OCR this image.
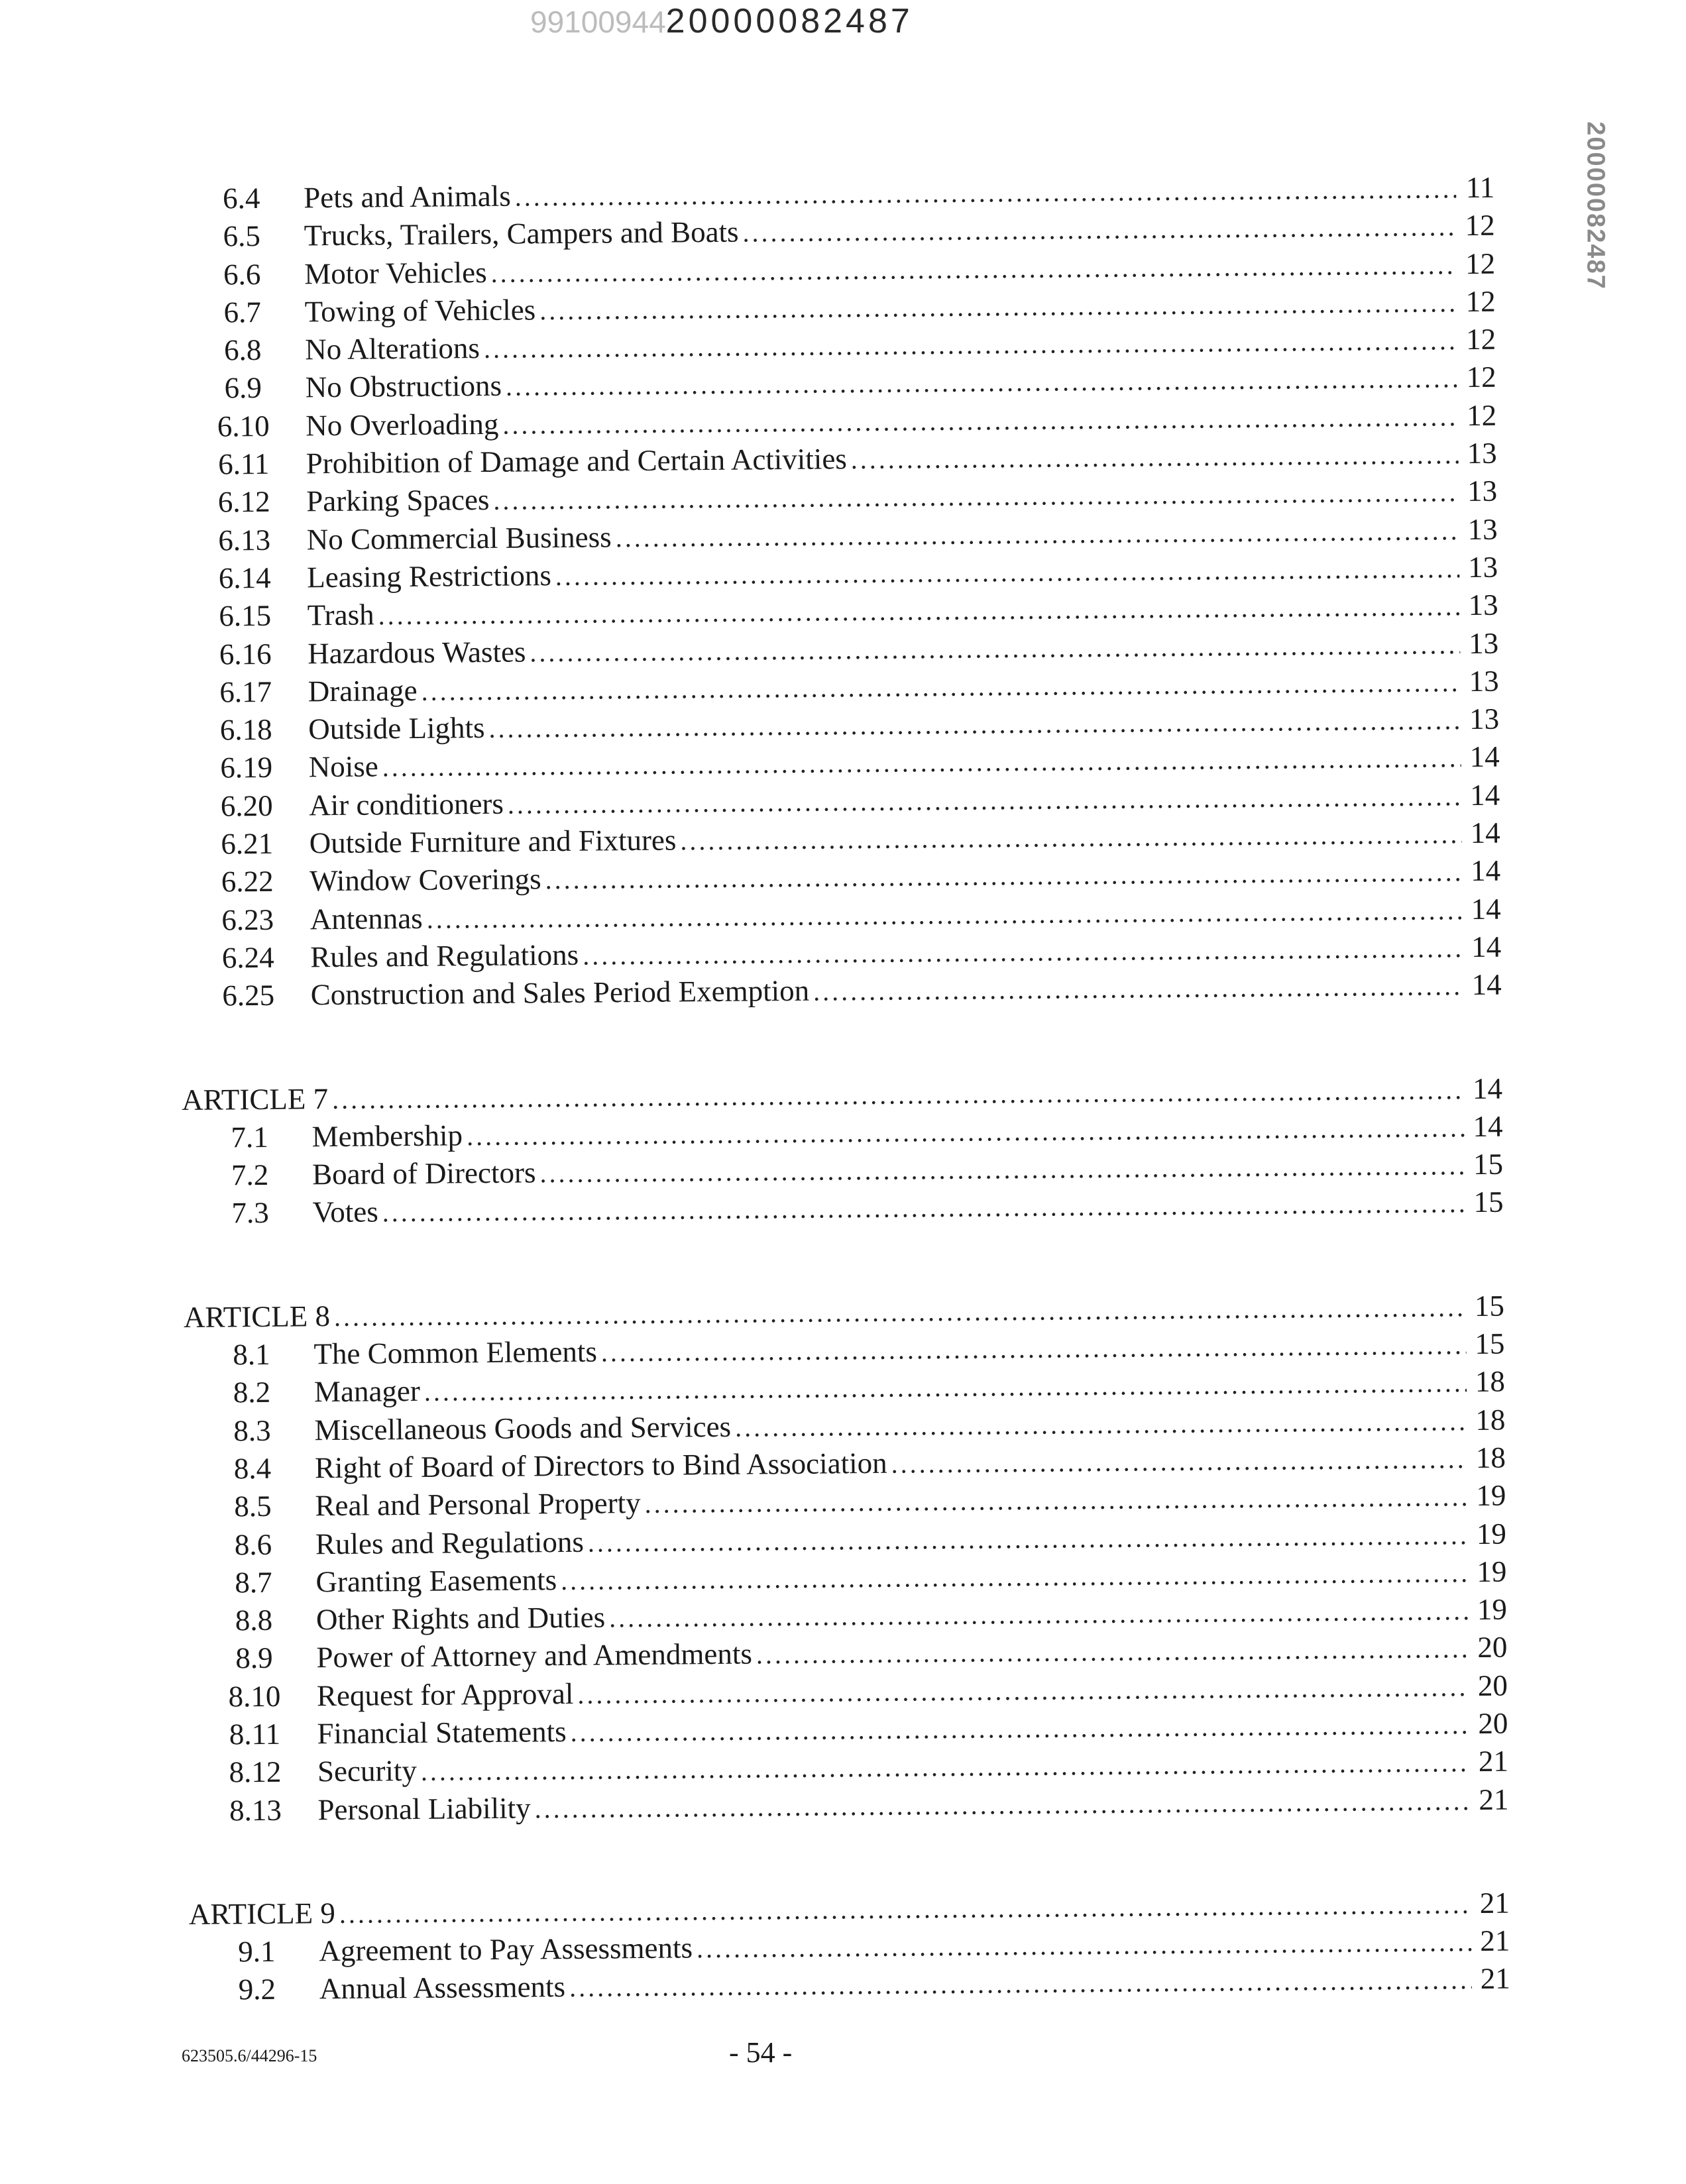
9910094420000082487
20000082487
6.4	Pets and Animals .....	11
6.5	Trucks, Trailers, Campers and Boats .....	12
6.6	Motor Vehicles .....	12
6.7	Towing of Vehicles .....	12
6.8	No Alterations .....	12
6.9	No Obstructions .....	12
6.10	No Overloading .....	12
6.11	Prohibition of Damage and Certain Activities .....	13
6.12	Parking Spaces .....	13
6.13	No Commercial Business .....	13
6.14	Leasing Restrictions .....	13
6.15	Trash .....	13
6.16	Hazardous Wastes .....	13
6.17	Drainage .....	13
6.18	Outside Lights .....	13
6.19	Noise .....	14
6.20	Air conditioners .....	14
6.21	Outside Furniture and Fixtures .....	14
6.22	Window Coverings .....	14
6.23	Antennas .....	14
6.24	Rules and Regulations .....	14
6.25	Construction and Sales Period Exemption .....	14
ARTICLE 7 .....	14
7.1	Membership .....	14
7.2	Board of Directors .....	15
7.3	Votes .....	15
ARTICLE 8 .....	15
8.1	The Common Elements .....	15
8.2	Manager .....	18
8.3	Miscellaneous Goods and Services .....	18
8.4	Right of Board of Directors to Bind Association .....	18
8.5	Real and Personal Property .....	19
8.6	Rules and Regulations .....	19
8.7	Granting Easements .....	19
8.8	Other Rights and Duties .....	19
8.9	Power of Attorney and Amendments .....	20
8.10	Request for Approval .....	20
8.11	Financial Statements .....	20
8.12	Security .....	21
8.13	Personal Liability .....	21
ARTICLE 9 .....	21
9.1	Agreement to Pay Assessments .....	21
9.2	Annual Assessments .....	21
623505.6/44296-15	- 54 -
